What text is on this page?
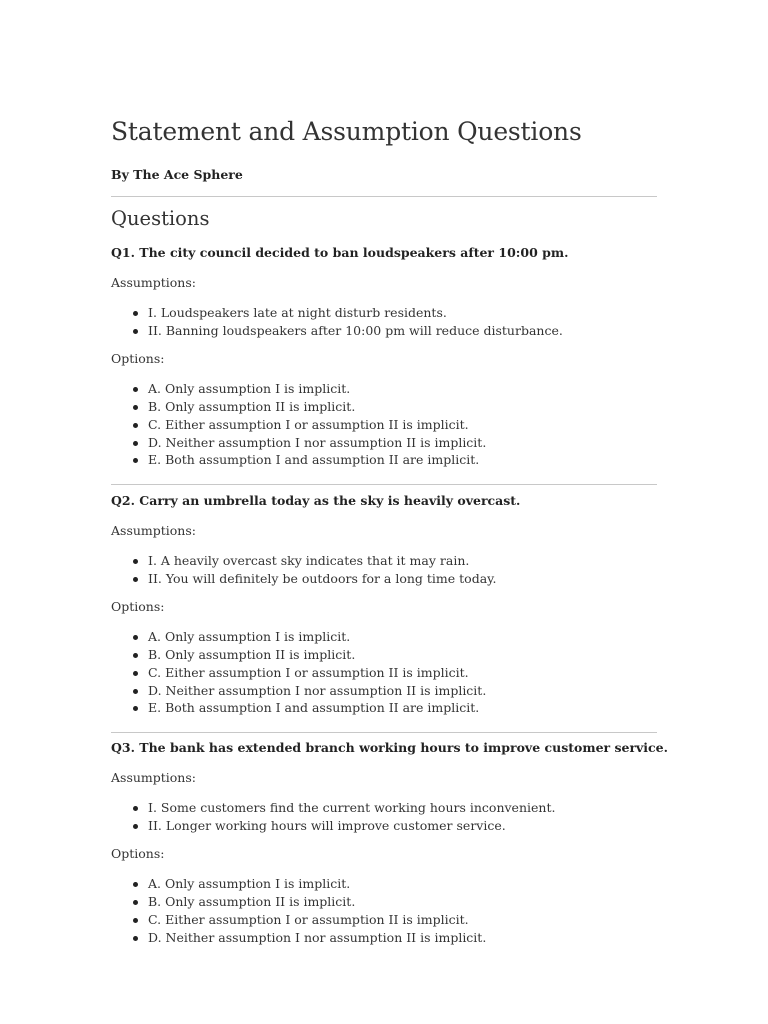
Statement and Assumption Questions

By The Ace Sphere

Questions

Q1. The city council decided to ban loudspeakers after 10:00 pm.

Assumptions:

I. Loudspeakers late at night disturb residents.
II. Banning loudspeakers after 10:00 pm will reduce disturbance.

Options:

A. Only assumption I is implicit.
B. Only assumption II is implicit.
C. Either assumption I or assumption II is implicit.
D. Neither assumption I nor assumption II is implicit.
E. Both assumption I and assumption II are implicit.

Q2. Carry an umbrella today as the sky is heavily overcast.

Assumptions:

I. A heavily overcast sky indicates that it may rain.
II. You will definitely be outdoors for a long time today.

Options:

A. Only assumption I is implicit.
B. Only assumption II is implicit.
C. Either assumption I or assumption II is implicit.
D. Neither assumption I nor assumption II is implicit.
E. Both assumption I and assumption II are implicit.

Q3. The bank has extended branch working hours to improve customer service.

Assumptions:

I. Some customers find the current working hours inconvenient.
II. Longer working hours will improve customer service.

Options:

A. Only assumption I is implicit.
B. Only assumption II is implicit.
C. Either assumption I or assumption II is implicit.
D. Neither assumption I nor assumption II is implicit.
